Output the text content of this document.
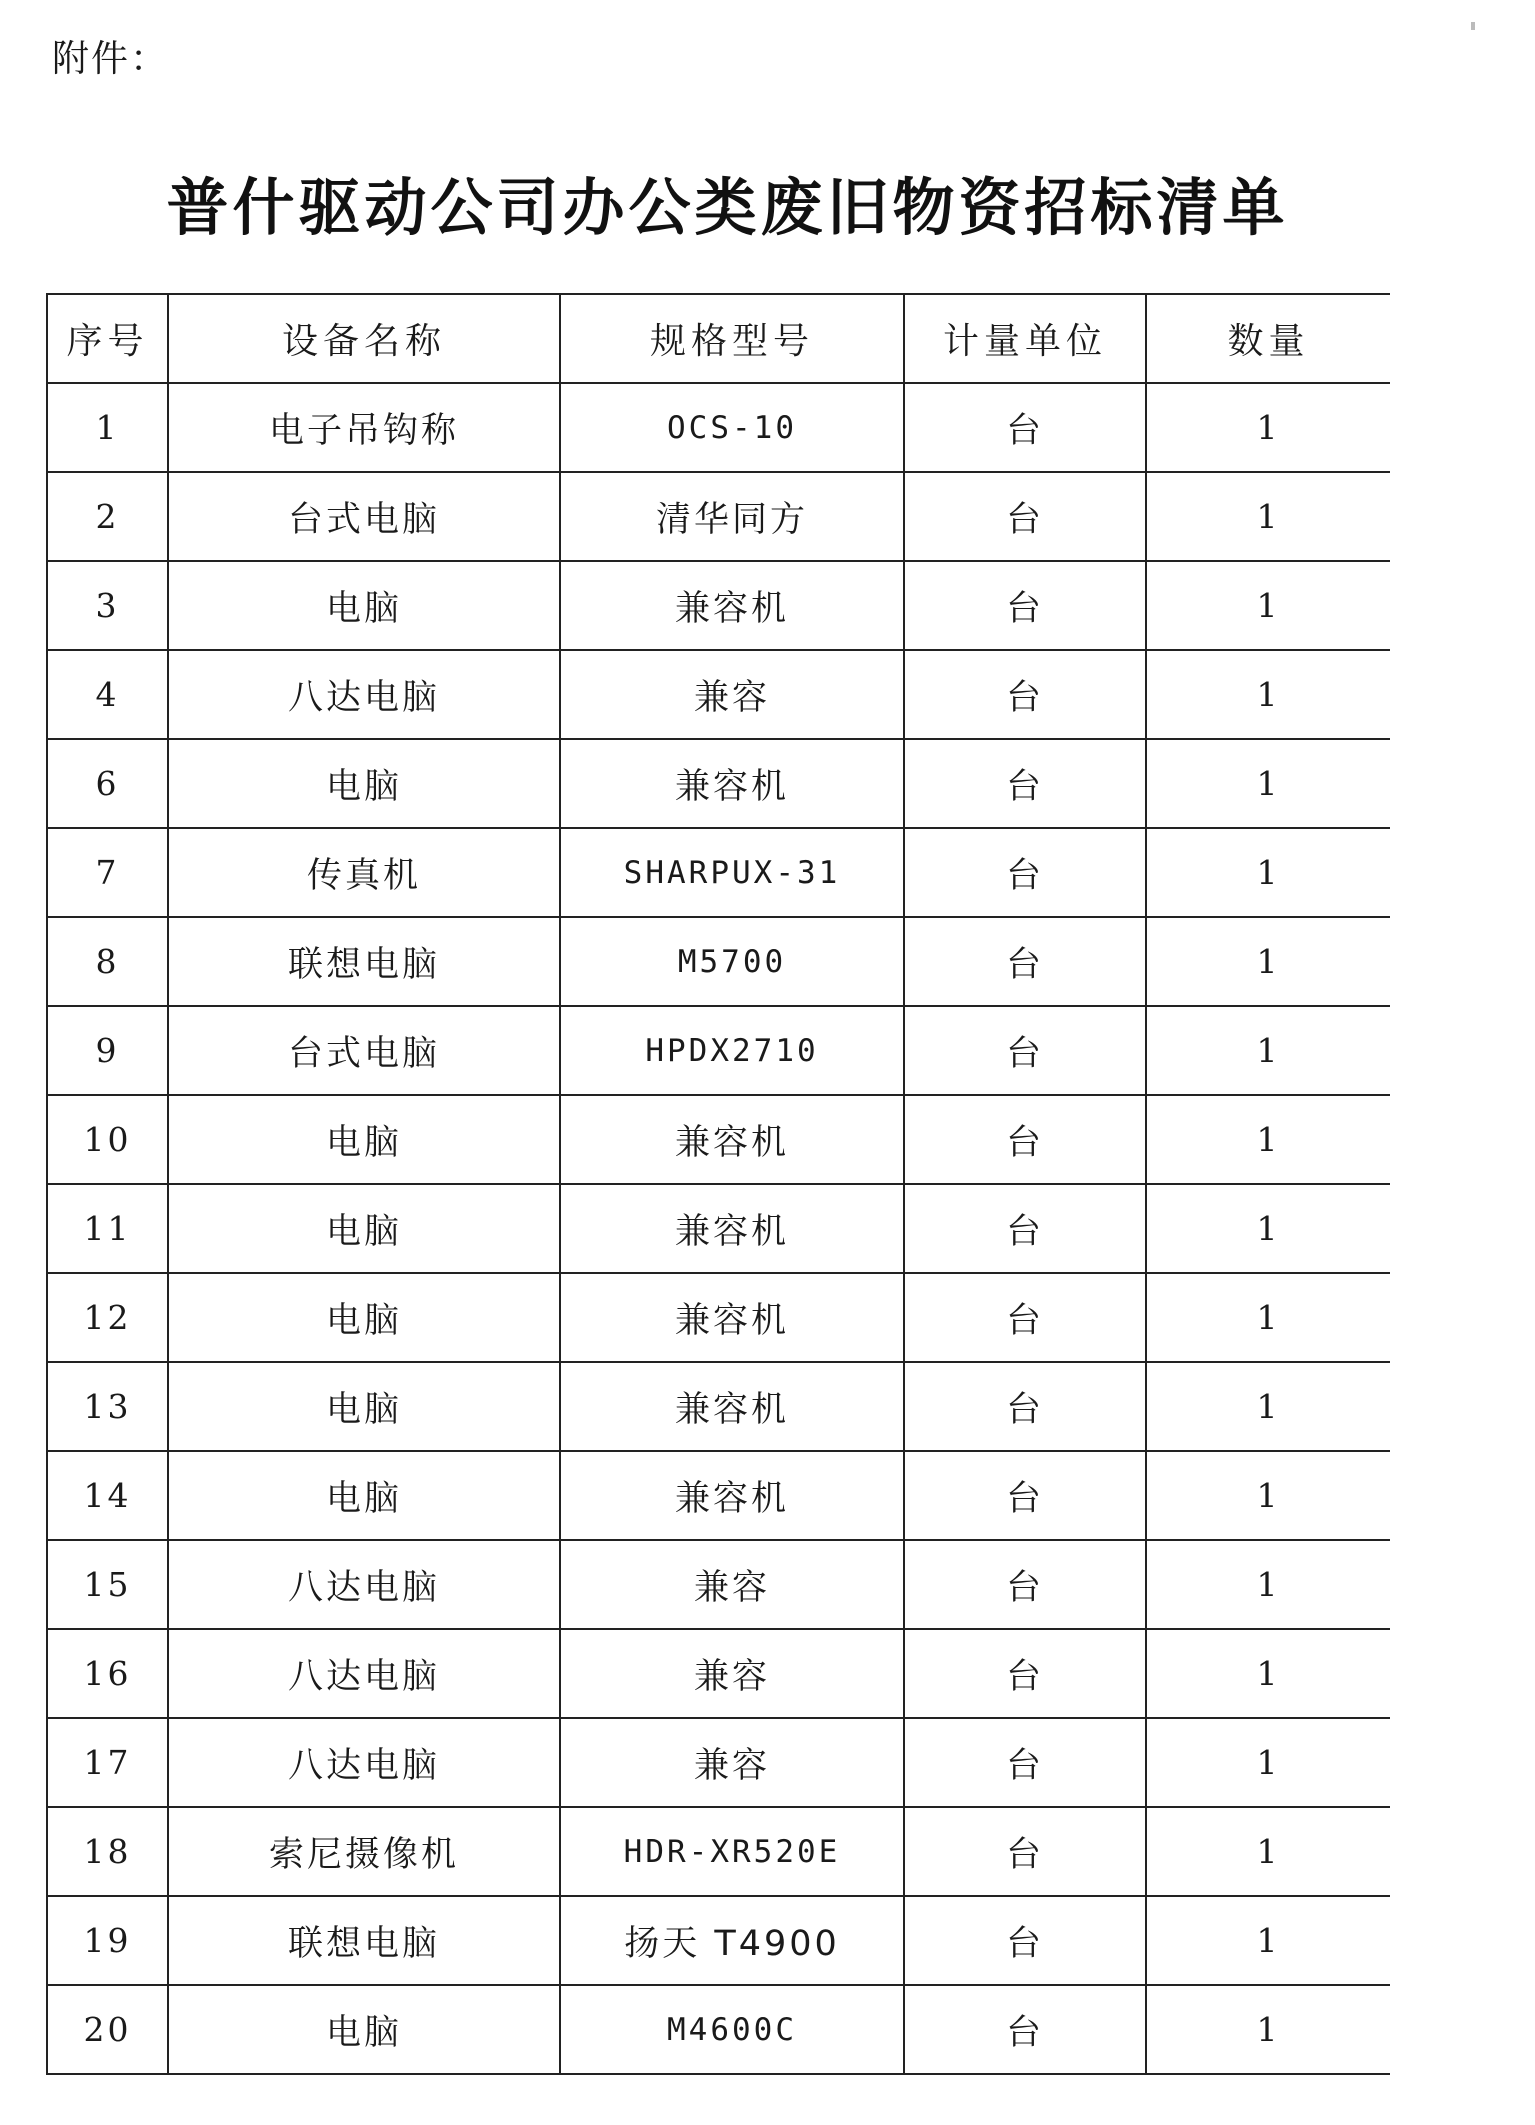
附件：
普什驱动公司办公类废旧物资招标清单
序号	设备名称	规格型号	计量单位	数量
1	电子吊钩称	OCS-10	台	1
2	台式电脑	清华同方	台	1
3	电脑	兼容机	台	1
4	八达电脑	兼容	台	1
6	电脑	兼容机	台	1
7	传真机	SHARPUX-31	台	1
8	联想电脑	M5700	台	1
9	台式电脑	HPDX2710	台	1
10	电脑	兼容机	台	1
11	电脑	兼容机	台	1
12	电脑	兼容机	台	1
13	电脑	兼容机	台	1
14	电脑	兼容机	台	1
15	八达电脑	兼容	台	1
16	八达电脑	兼容	台	1
17	八达电脑	兼容	台	1
18	索尼摄像机	HDR-XR520E	台	1
19	联想电脑	扬天 T4900	台	1
20	电脑	M4600C	台	1
